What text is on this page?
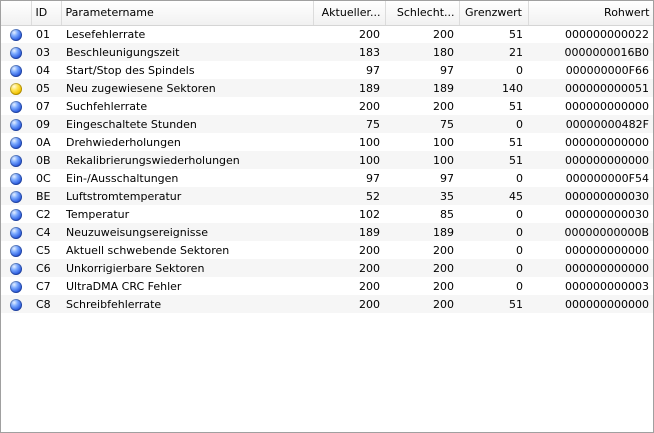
	ID	Parametername	Aktueller...	Schlecht...	Grenzwert	Rohwert
	01	Lesefehlerrate	200	200	51	000000000022
	03	Beschleunigungszeit	183	180	21	0000000016B0
	04	Start/Stop des Spindels	97	97	0	000000000F66
	05	Neu zugewiesene Sektoren	189	189	140	000000000051
	07	Suchfehlerrate	200	200	51	000000000000
	09	Eingeschaltete Stunden	75	75	0	00000000482F
	0A	Drehwiederholungen	100	100	51	000000000000
	0B	Rekalibrierungswiederholungen	100	100	51	000000000000
	0C	Ein-/Ausschaltungen	97	97	0	000000000F54
	BE	Luftstromtemperatur	52	35	45	000000000030
	C2	Temperatur	102	85	0	000000000030
	C4	Neuzuweisungsereignisse	189	189	0	00000000000B
	C5	Aktuell schwebende Sektoren	200	200	0	000000000000
	C6	Unkorrigierbare Sektoren	200	200	0	000000000000
	C7	UltraDMA CRC Fehler	200	200	0	000000000003
	C8	Schreibfehlerrate	200	200	51	000000000000
